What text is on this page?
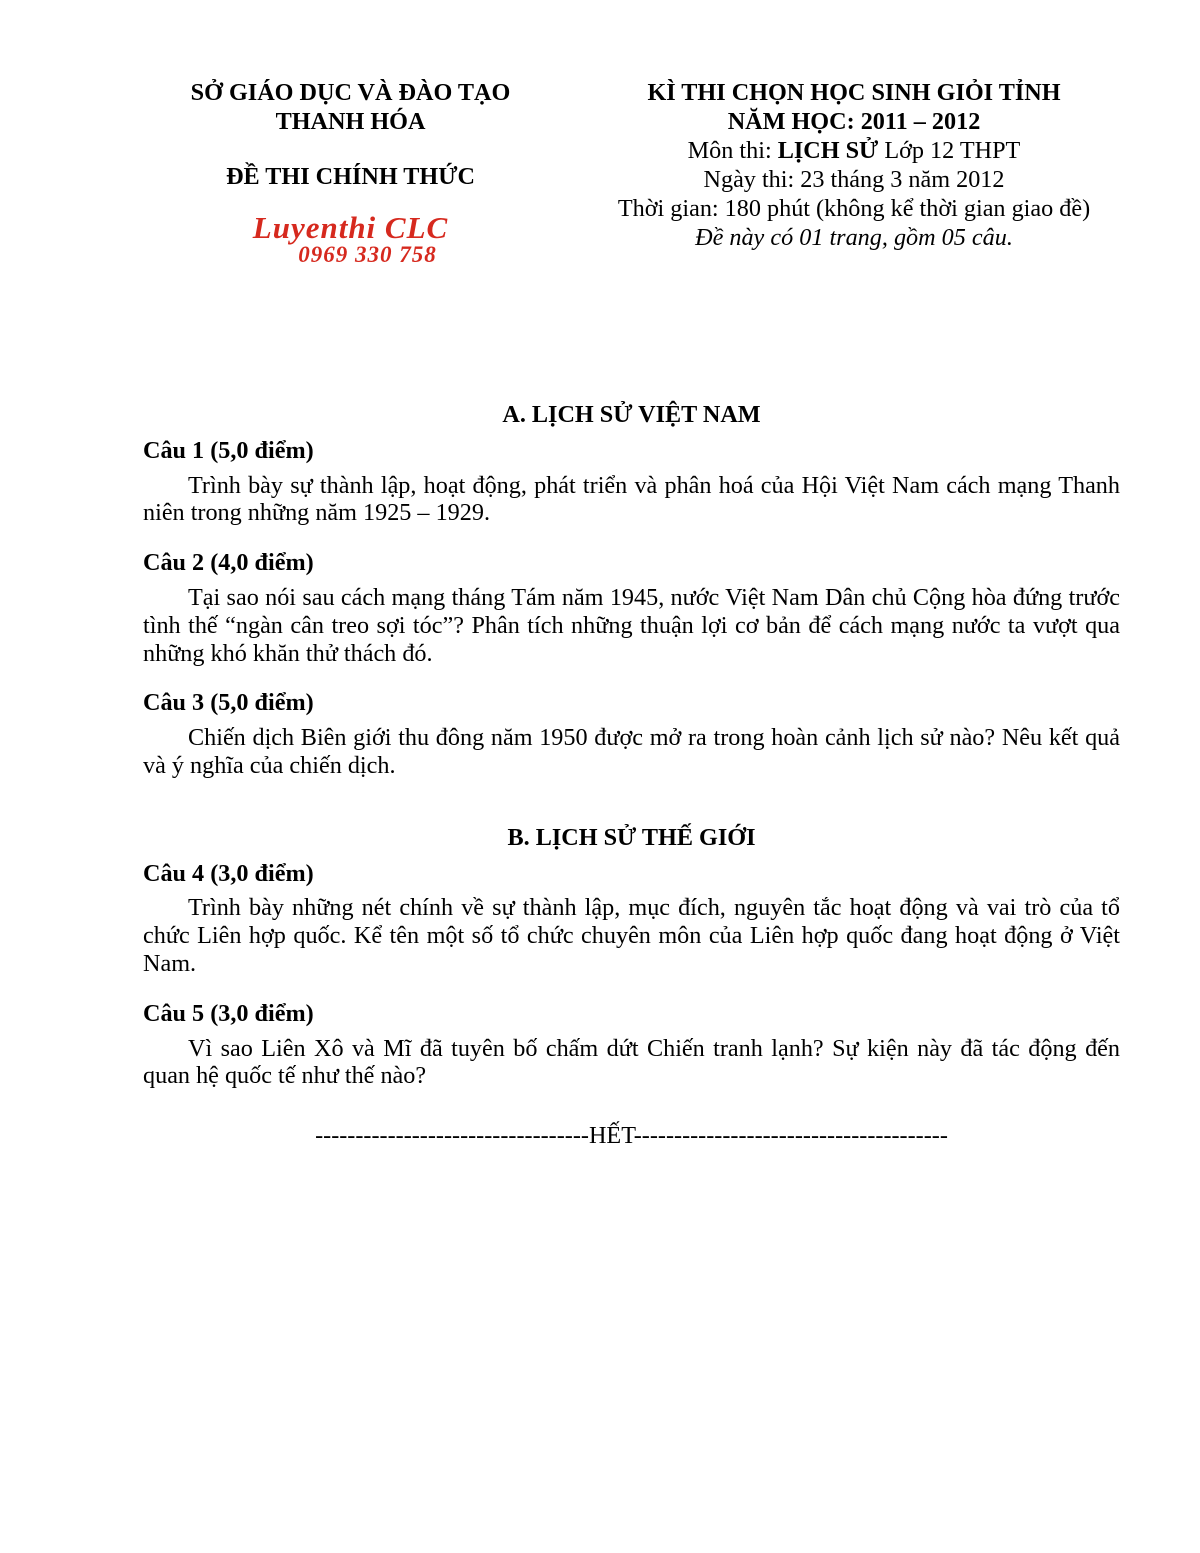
SỞ GIÁO DỤC VÀ ĐÀO TẠO
THANH HÓA
ĐỀ THI CHÍNH THỨC
Luyenthi CLC
0969 330 758
KÌ THI CHỌN HỌC SINH GIỎI TỈNH
NĂM HỌC: 2011 – 2012
Môn thi: LỊCH SỬ Lớp 12 THPT
Ngày thi: 23 tháng 3 năm 2012
Thời gian: 180 phút (không kể thời gian giao đề)
Đề này có 01 trang, gồm 05 câu.
A. LỊCH SỬ VIỆT NAM
Câu 1 (5,0 điểm)

Trình bày sự thành lập, hoạt động, phát triển và phân hoá của Hội Việt Nam cách mạng Thanh niên trong những năm 1925 – 1929.

Câu 2 (4,0 điểm)

Tại sao nói sau cách mạng tháng Tám năm 1945, nước Việt Nam Dân chủ Cộng hòa đứng trước tình thế “ngàn cân treo sợi tóc”? Phân tích những thuận lợi cơ bản để cách mạng nước ta vượt qua những khó khăn thử thách đó.

Câu 3 (5,0 điểm)

Chiến dịch Biên giới thu đông năm 1950 được mở ra trong hoàn cảnh lịch sử nào? Nêu kết quả và ý nghĩa của chiến dịch.

B. LỊCH SỬ THẾ GIỚI
Câu 4 (3,0 điểm)

Trình bày những nét chính về sự thành lập, mục đích, nguyên tắc hoạt động và vai trò của tổ chức Liên hợp quốc. Kể tên một số tổ chức chuyên môn của Liên hợp quốc đang hoạt động ở Việt Nam.

Câu 5 (3,0 điểm)

Vì sao Liên Xô và Mĩ đã tuyên bố chấm dứt Chiến tranh lạnh? Sự kiện này đã tác động đến quan hệ quốc tế như thế nào?

----------------------------------HẾT---------------------------------------
